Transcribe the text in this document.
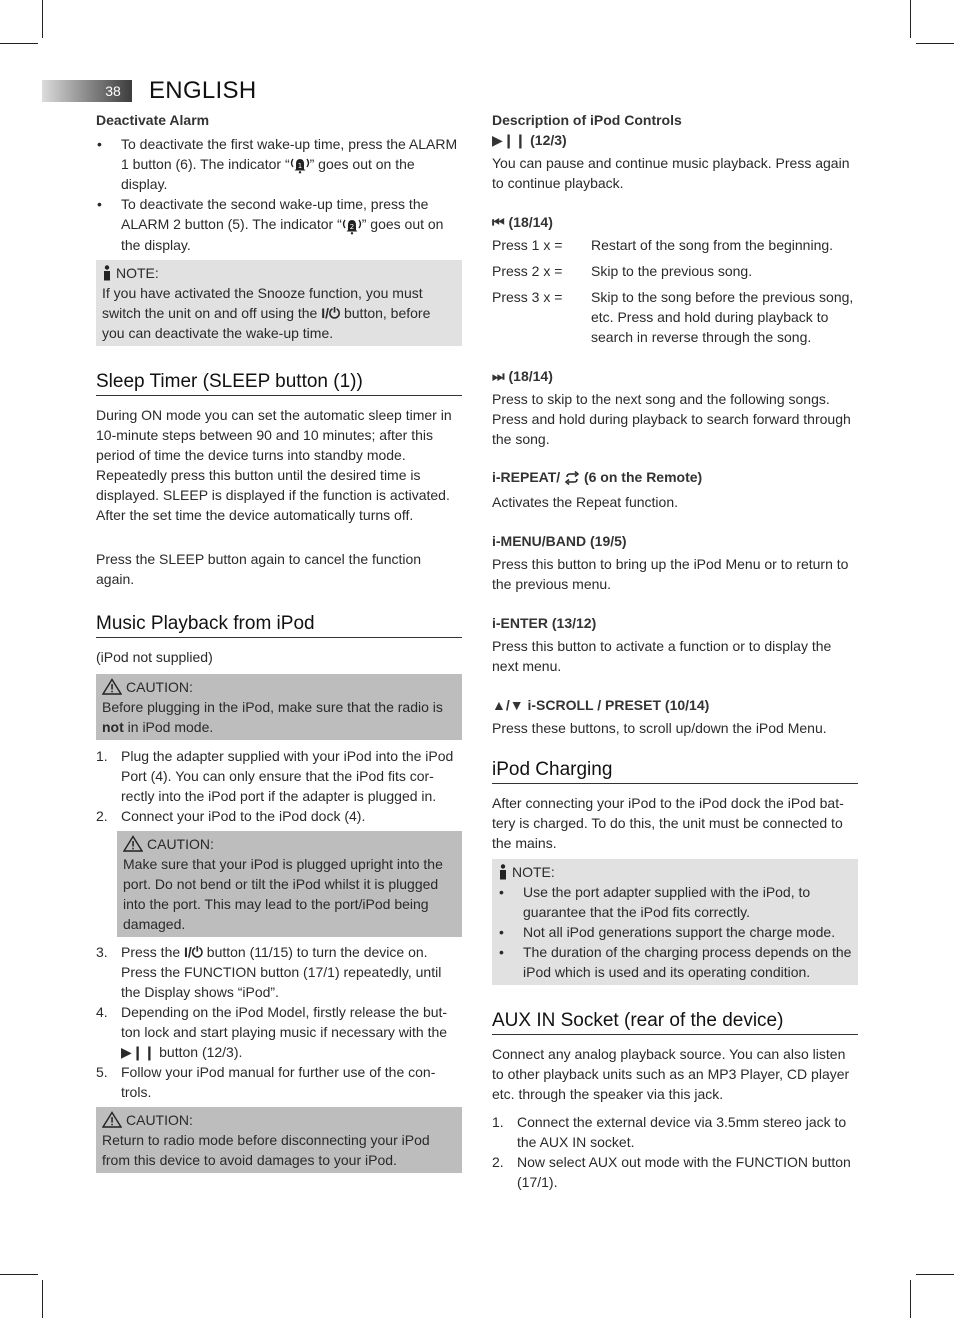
38	ENGLISH
Deactivate Alarm
• To deactivate the first wake-up time, press the ALARM 1 button (6). The indicator “ 1 ” goes out on the display.
• To deactivate the second wake-up time, press the ALARM 2 button (5). The indicator “ 2 ” goes out on the display.
NOTE:

If you have activated the Snooze function, you must switch the unit on and off using the I/⏻ button, before you can deactivate the wake-up time.

Sleep Timer (SLEEP button (1))

During ON mode you can set the automatic sleep timer in 10-minute steps between 90 and 10 minutes; after this period of time the device turns into standby mode. Repeatedly press this button until the desired time is displayed. SLEEP is displayed if the function is activated. After the set time the device automatically turns off.

Press the SLEEP button again to cancel the function again.

Music Playback from iPod

(iPod not supplied)

CAUTION:

Before plugging in the iPod, make sure that the radio is not in iPod mode.

1. Plug the adapter supplied with your iPod into the iPod Port (4). You can only ensure that the iPod fits cor-rectly into the iPod port if the adapter is plugged in.
2. Connect your iPod to the iPod dock (4).
CAUTION:

Make sure that your iPod is plugged upright into the port. Do not bend or tilt the iPod whilst it is plugged into the port. This may lead to the port/iPod being damaged.

3. Press the I/⏻ button (11/15) to turn the device on. Press the FUNCTION button (17/1) repeatedly, until the Display shows “iPod”.
4. Depending on the iPod Model, firstly release the but-ton lock and start playing music if necessary with the ▶❙❙ button (12/3).
5. Follow your iPod manual for further use of the con-trols.
CAUTION:

Return to radio mode before disconnecting your iPod from this device to avoid damages to your iPod.

Description of iPod Controls
▶❙❙ (12/3)

You can pause and continue music playback. Press again to continue playback.

⏮ (18/14)
Press 1 x =	Restart of the song from the beginning.
Press 2 x =	Skip to the previous song.
Press 3 x =	Skip to the song before the previous song, etc. Press and hold during playback to search in reverse through the song.
⏭ (18/14)

Press to skip to the next song and the following songs. Press and hold during playback to search forward through the song.

i-REPEAT/  (6 on the Remote)

Activates the Repeat function.

i-MENU/BAND (19/5)

Press this button to bring up the iPod Menu or to return to the previous menu.

i-ENTER (13/12)

Press this button to activate a function or to display the next menu.

▲/▼ i-SCROLL / PRESET (10/14)

Press these buttons, to scroll up/down the iPod Menu.

iPod Charging

After connecting your iPod to the iPod dock the iPod bat-tery is charged. To do this, the unit must be connected to the mains.

NOTE:
• Use the port adapter supplied with the iPod, to guarantee that the iPod fits correctly.
• Not all iPod generations support the charge mode.
• The duration of the charging process depends on the iPod which is used and its operating condition.
AUX IN Socket (rear of the device)

Connect any analog playback source. You can also listen to other playback units such as an MP3 Player, CD player etc. through the speaker via this jack.

1. Connect the external device via 3.5mm stereo jack to the AUX IN socket.
2. Now select AUX out mode with the FUNCTION button (17/1).
